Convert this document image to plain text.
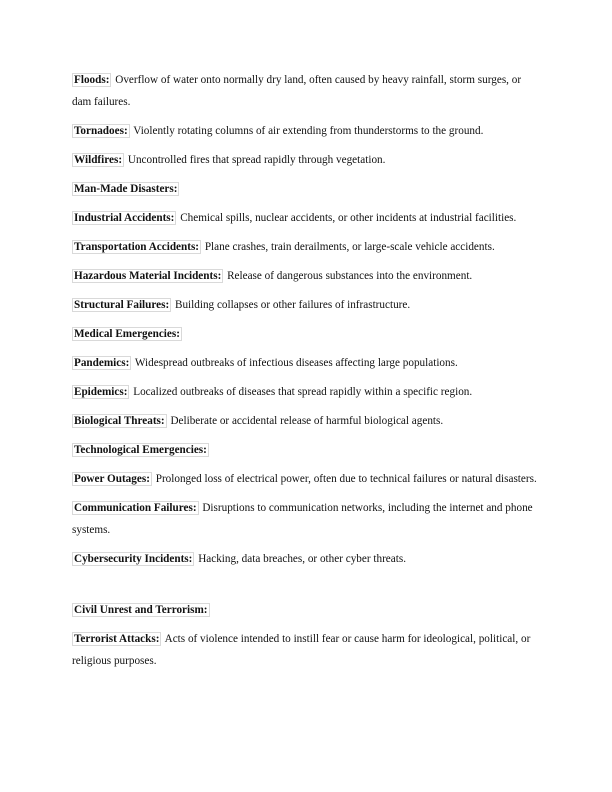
Floods: Overflow of water onto normally dry land, often caused by heavy rainfall, storm surges, or dam failures.

Tornadoes: Violently rotating columns of air extending from thunderstorms to the ground.

Wildfires: Uncontrolled fires that spread rapidly through vegetation.

Man-Made Disasters:

Industrial Accidents: Chemical spills, nuclear accidents, or other incidents at industrial facilities.

Transportation Accidents: Plane crashes, train derailments, or large-scale vehicle accidents.

Hazardous Material Incidents: Release of dangerous substances into the environment.

Structural Failures: Building collapses or other failures of infrastructure.

Medical Emergencies:

Pandemics: Widespread outbreaks of infectious diseases affecting large populations.

Epidemics: Localized outbreaks of diseases that spread rapidly within a specific region.

Biological Threats: Deliberate or accidental release of harmful biological agents.

Technological Emergencies:

Power Outages: Prolonged loss of electrical power, often due to technical failures or natural disasters.

Communication Failures: Disruptions to communication networks, including the internet and phone systems.

Cybersecurity Incidents: Hacking, data breaches, or other cyber threats.

Civil Unrest and Terrorism:

Terrorist Attacks: Acts of violence intended to instill fear or cause harm for ideological, political, or religious purposes.
